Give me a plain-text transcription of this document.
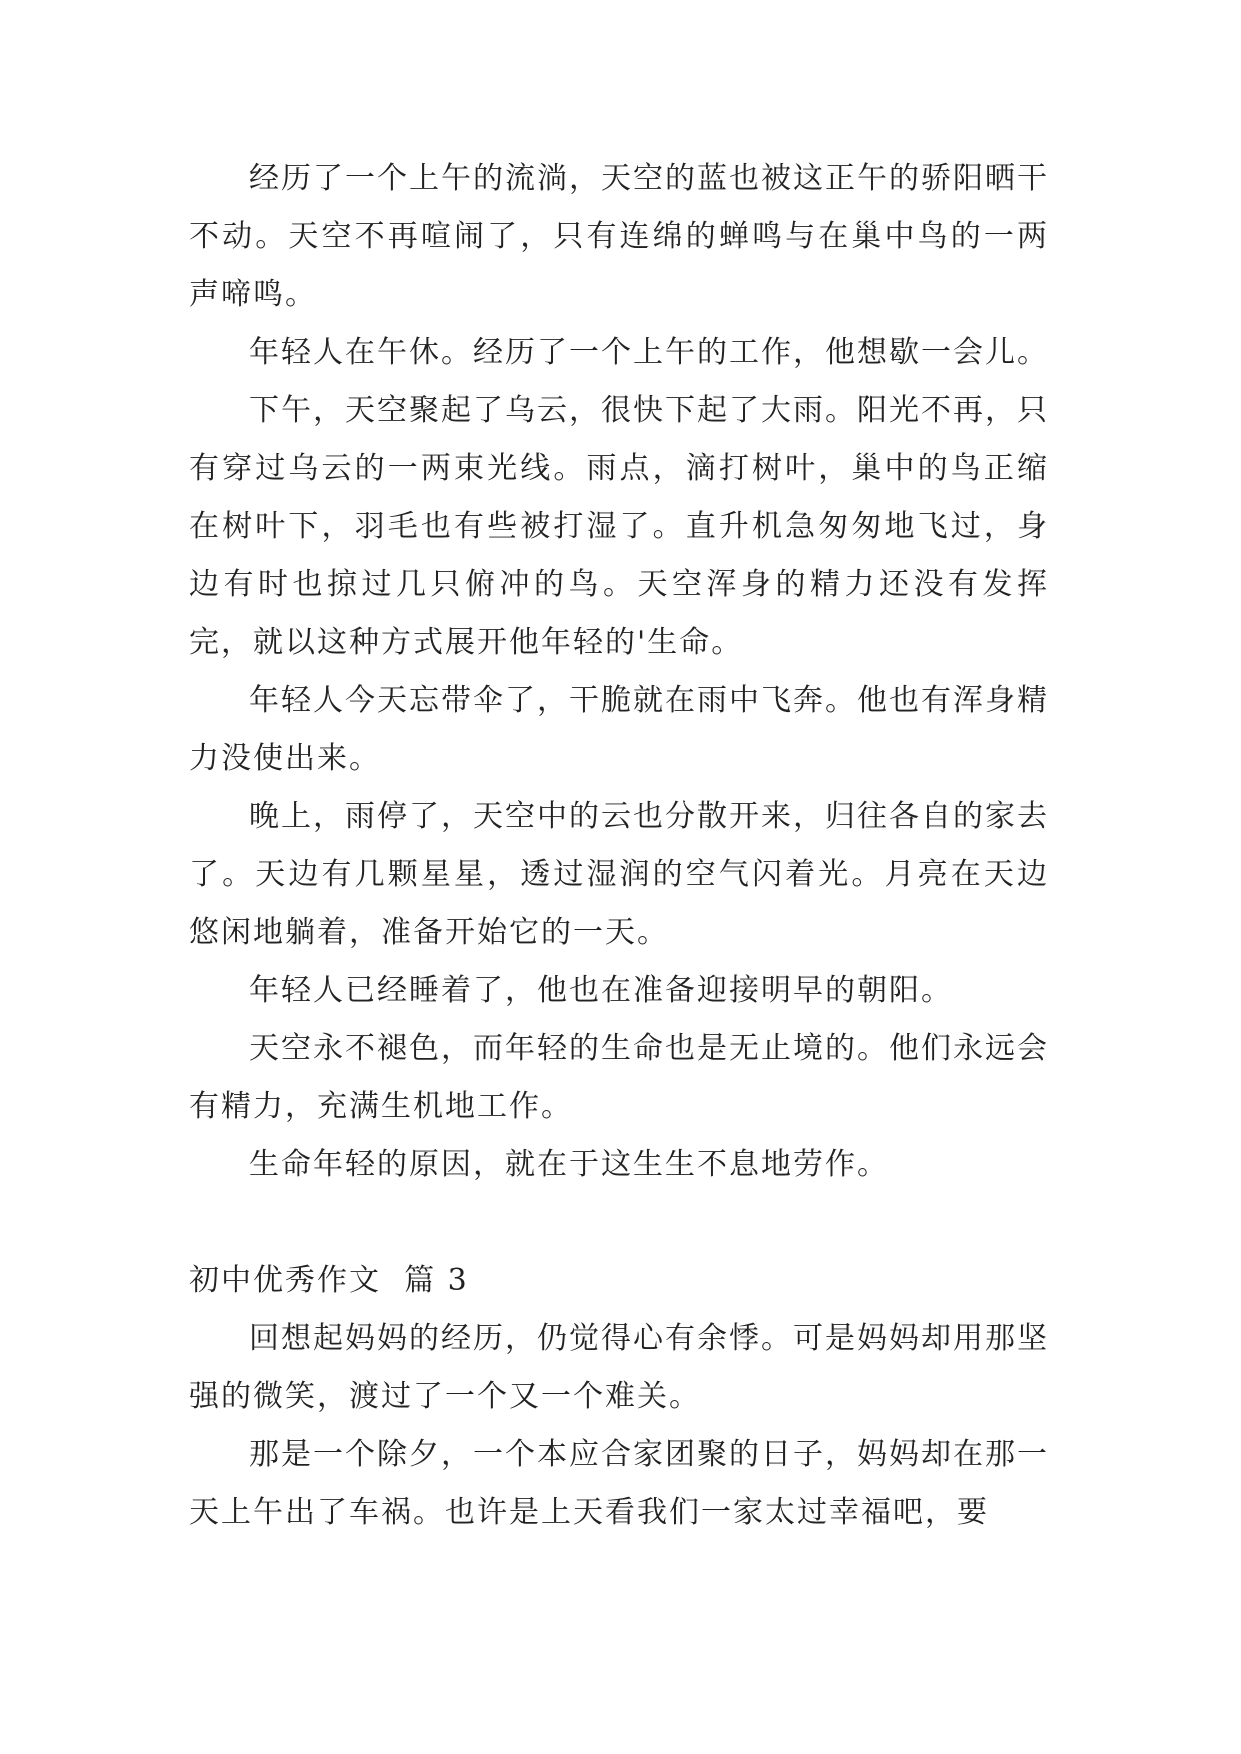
经历了一个上午的流淌，天空的蓝也被这正午的骄阳晒干不动。天空不再喧闹了，只有连绵的蝉鸣与在巢中鸟的一两声啼鸣。

年轻人在午休。经历了一个上午的工作，他想歇一会儿。

下午，天空聚起了乌云，很快下起了大雨。阳光不再，只有穿过乌云的一两束光线。雨点，滴打树叶，巢中的鸟正缩在树叶下，羽毛也有些被打湿了。直升机急匆匆地飞过，身边有时也掠过几只俯冲的鸟。天空浑身的精力还没有发挥完，就以这种方式展开他年轻的'生命。

年轻人今天忘带伞了，干脆就在雨中飞奔。他也有浑身精力没使出来。

晚上，雨停了，天空中的云也分散开来，归往各自的家去了。天边有几颗星星，透过湿润的空气闪着光。月亮在天边悠闲地躺着，准备开始它的一天。

年轻人已经睡着了，他也在准备迎接明早的朝阳。

天空永不褪色，而年轻的生命也是无止境的。他们永远会有精力，充满生机地工作。

生命年轻的原因，就在于这生生不息地劳作。

初中优秀作文  篇 3

回想起妈妈的经历，仍觉得心有余悸。可是妈妈却用那坚强的微笑，渡过了一个又一个难关。

那是一个除夕，一个本应合家团聚的日子，妈妈却在那一天上午出了车祸。也许是上天看我们一家太过幸福吧，要
